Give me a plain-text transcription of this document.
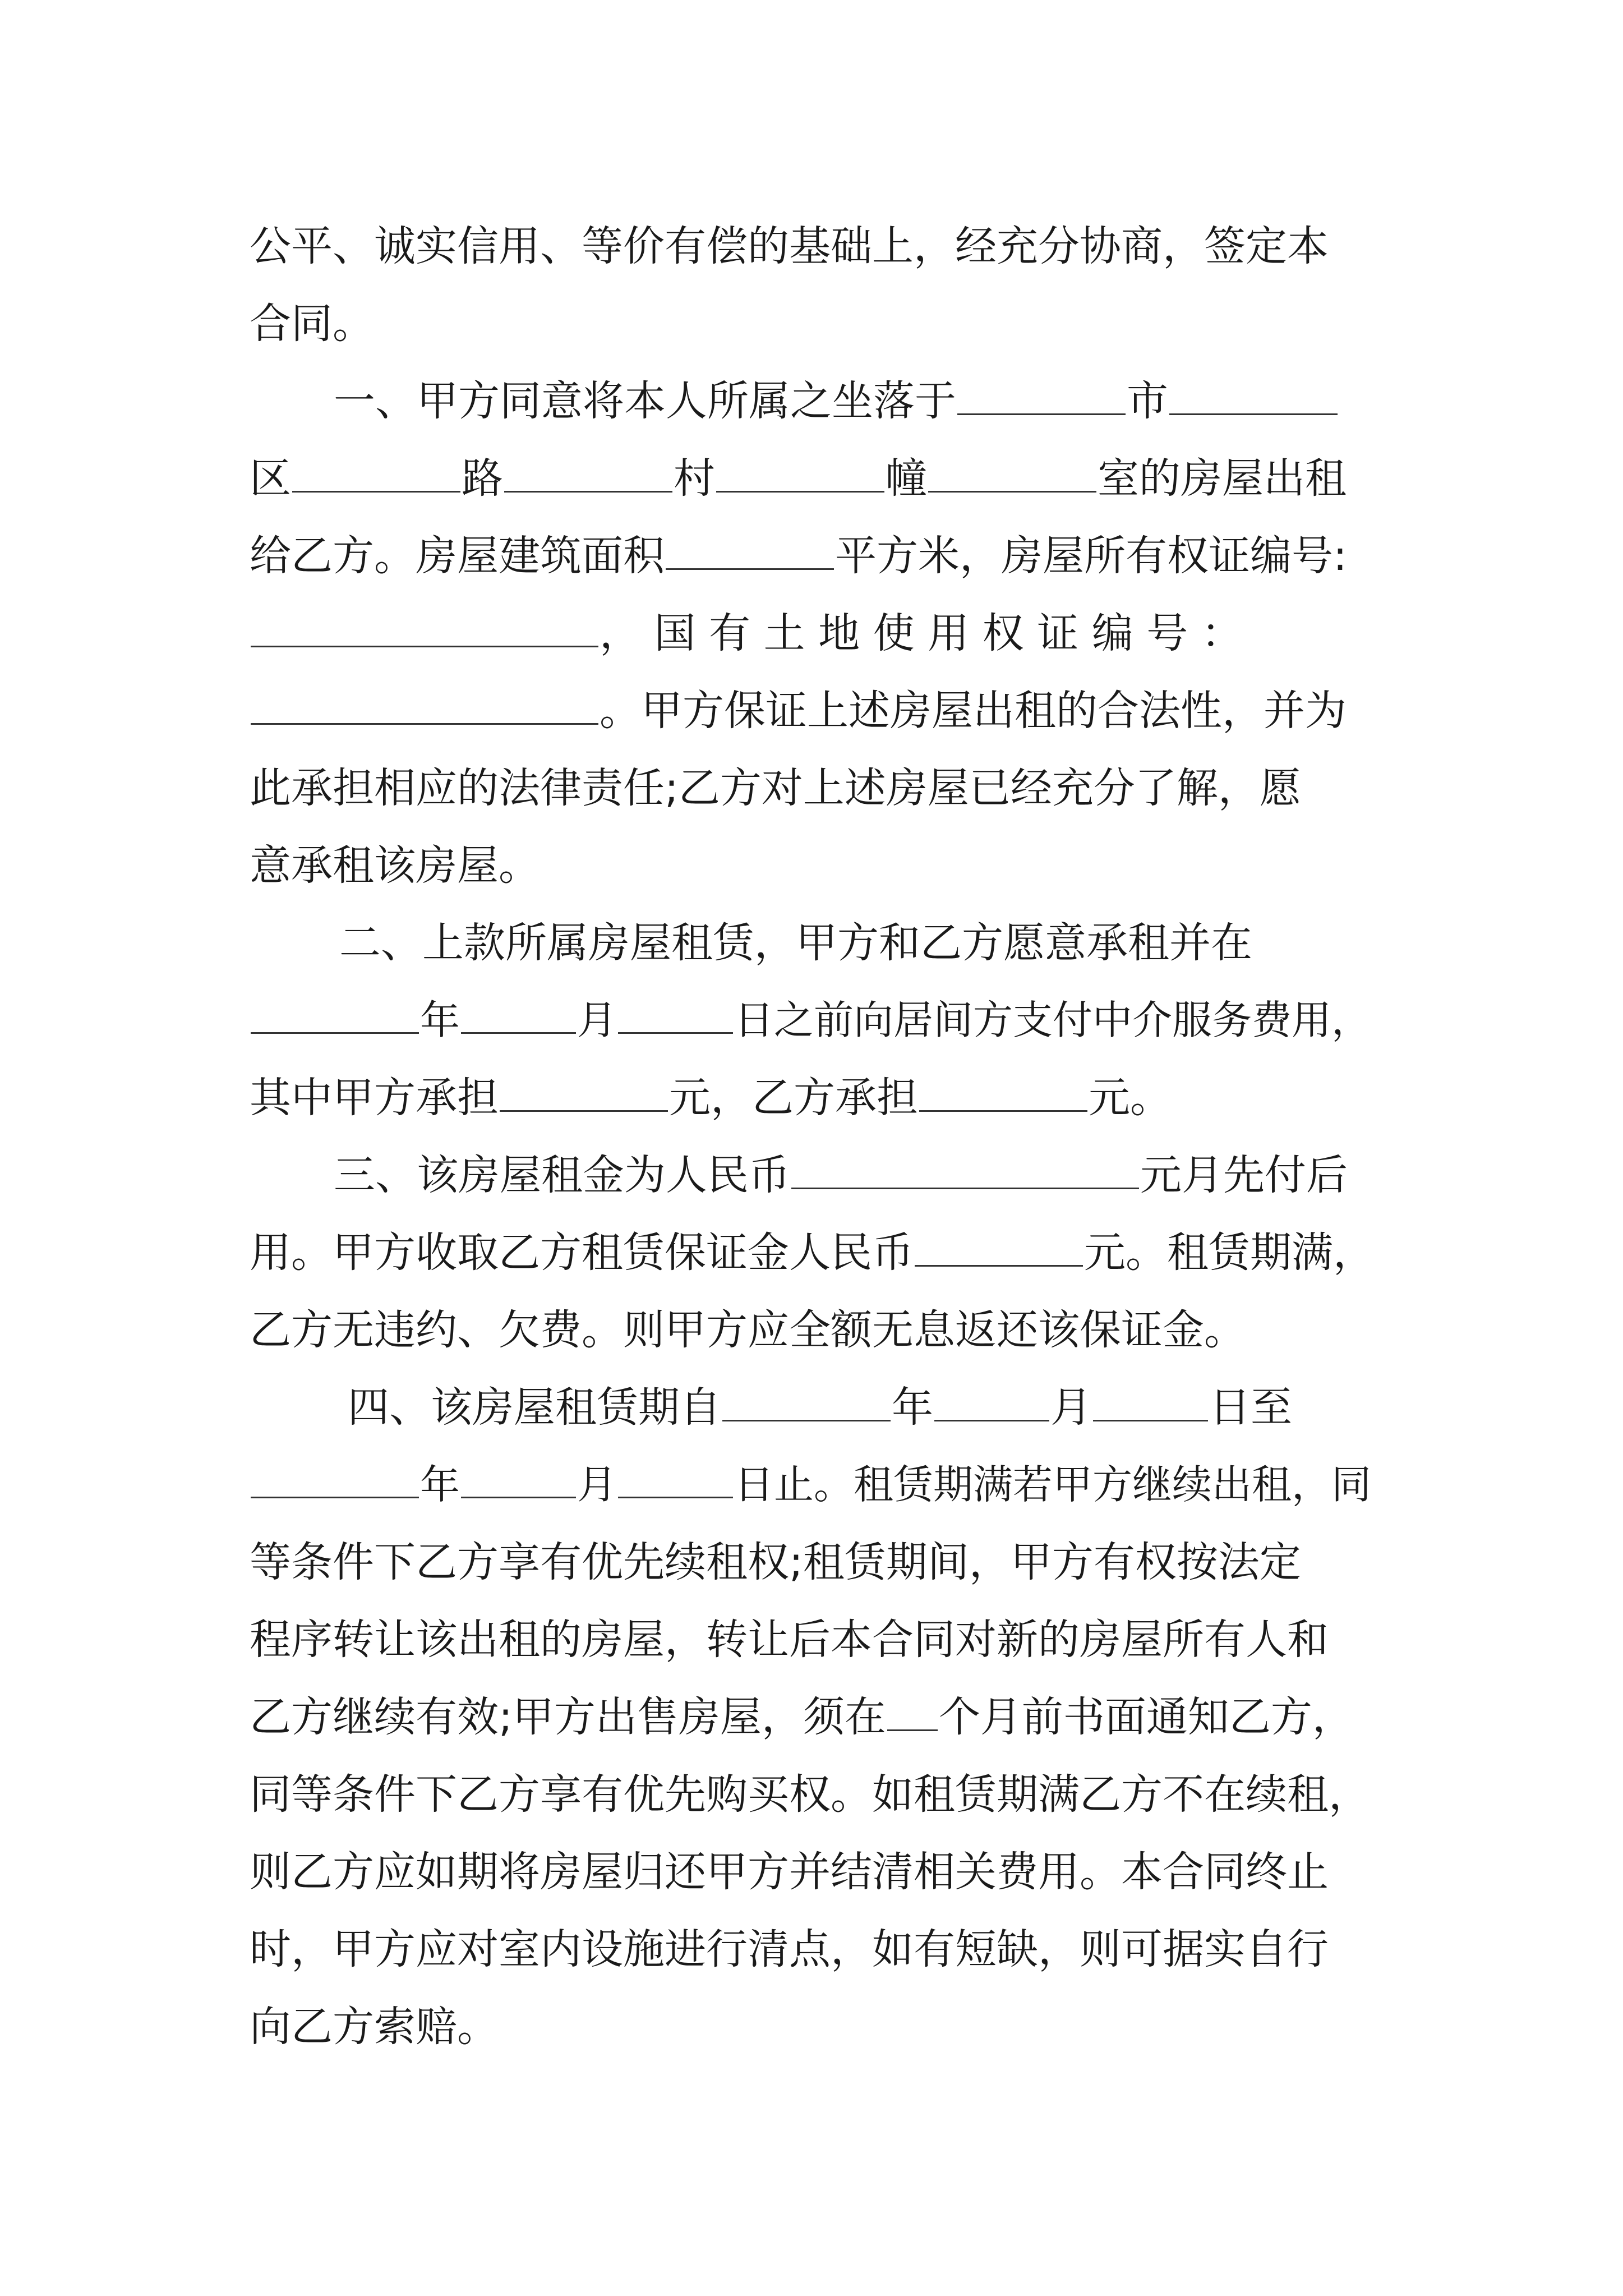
公平、诚实信用、等价有偿的基础上，经充分协商，签定本
合同。
一、甲方同意将本人所属之坐落于	市
区	路	村	幢	室的房屋出租
给乙方。房屋建筑面积	平方米，房屋所有权证编号:
， 国 有 土 地 使 用 权 证 编 号 ：
。甲方保证上述房屋出租的合法性，并为
此承担相应的法律责任;乙方对上述房屋已经充分了解，愿
意承租该房屋。
二、上款所属房屋租赁，甲方和乙方愿意承租并在
年	月	日之前向居间方支付中介服务费用，
其中甲方承担	元，乙方承担	元。
三、该房屋租金为人民币	元月先付后
用。甲方收取乙方租赁保证金人民币	元。租赁期满，
乙方无违约、欠费。则甲方应全额无息返还该保证金。
四、该房屋租赁期自	年	月	日至
年	月	日止。租赁期满若甲方继续出租，同
等条件下乙方享有优先续租权;租赁期间，甲方有权按法定
程序转让该出租的房屋，转让后本合同对新的房屋所有人和
乙方继续有效;甲方出售房屋，须在 个月前书面通知乙方，
同等条件下乙方享有优先购买权。如租赁期满乙方不在续租，
则乙方应如期将房屋归还甲方并结清相关费用。本合同终止
时，甲方应对室内设施进行清点，如有短缺，则可据实自行
向乙方索赔。
